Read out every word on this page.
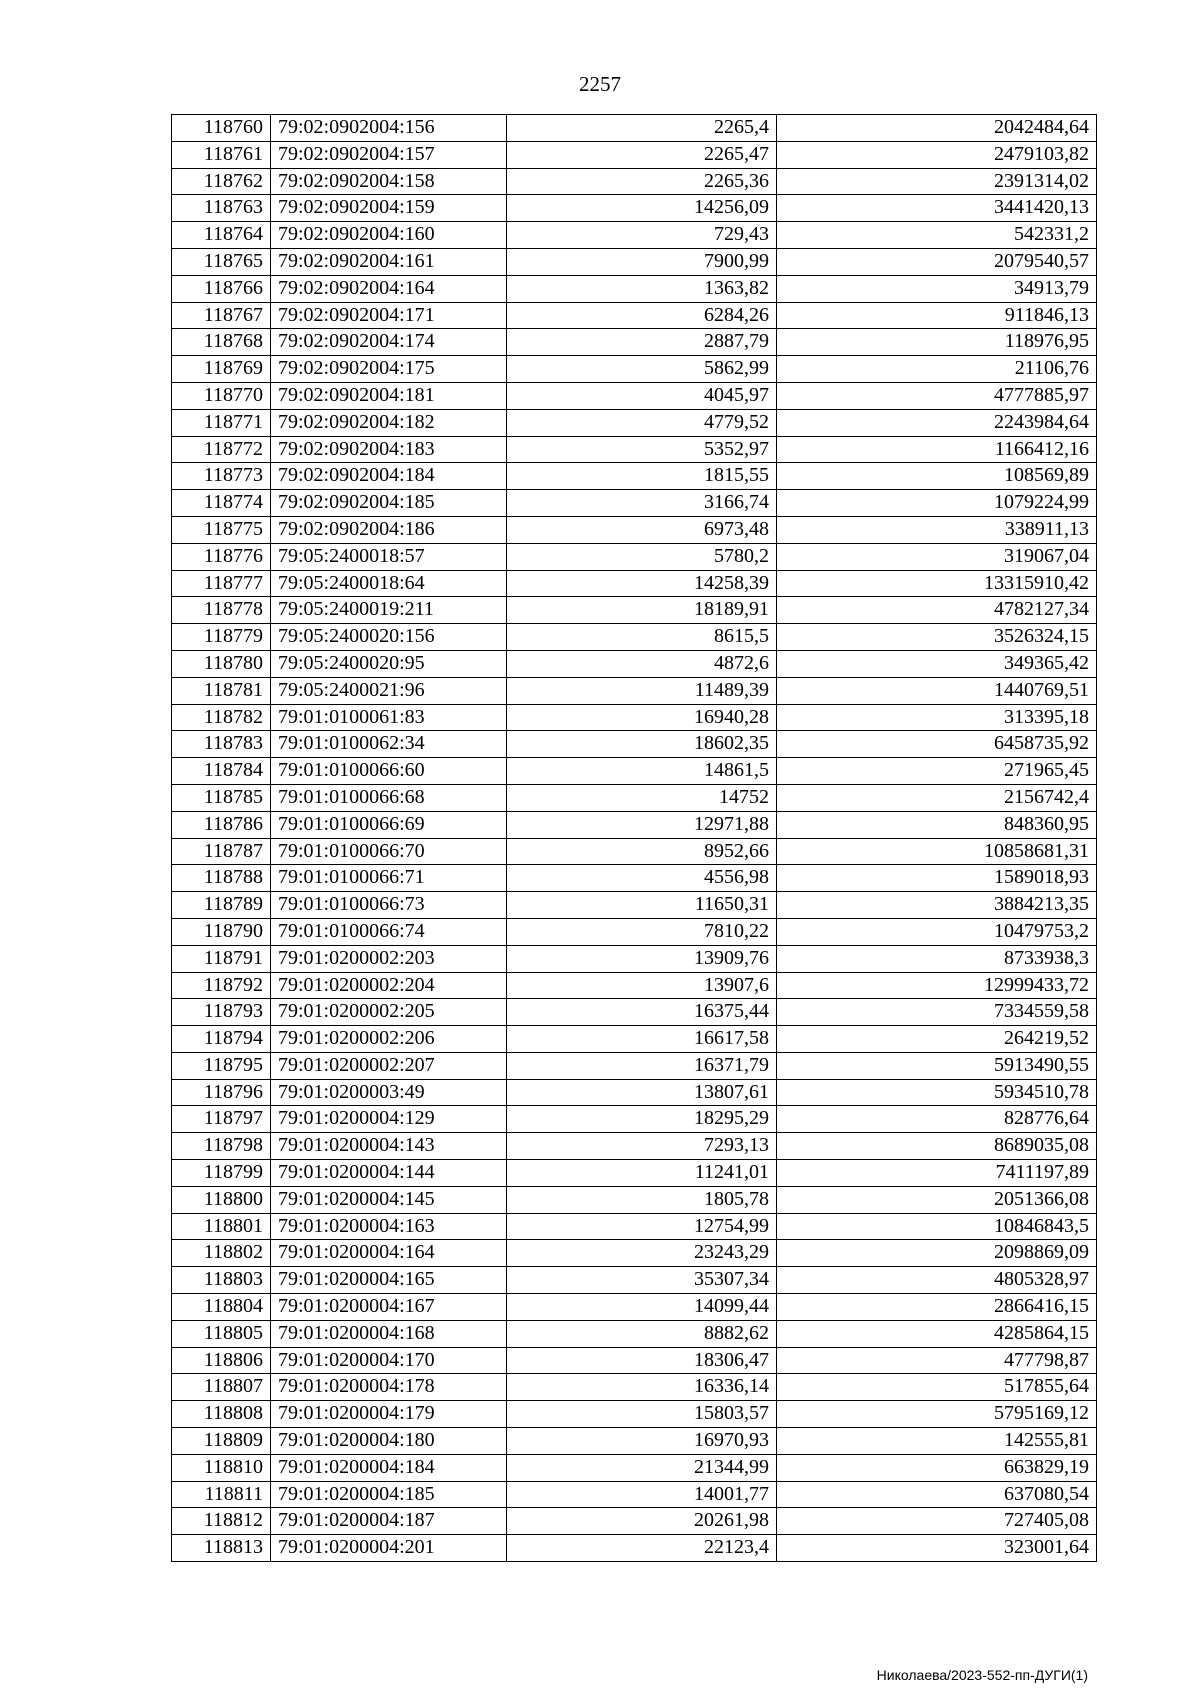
2257
118760	79:02:0902004:156	2265,4	2042484,64
118761	79:02:0902004:157	2265,47	2479103,82
118762	79:02:0902004:158	2265,36	2391314,02
118763	79:02:0902004:159	14256,09	3441420,13
118764	79:02:0902004:160	729,43	542331,2
118765	79:02:0902004:161	7900,99	2079540,57
118766	79:02:0902004:164	1363,82	34913,79
118767	79:02:0902004:171	6284,26	911846,13
118768	79:02:0902004:174	2887,79	118976,95
118769	79:02:0902004:175	5862,99	21106,76
118770	79:02:0902004:181	4045,97	4777885,97
118771	79:02:0902004:182	4779,52	2243984,64
118772	79:02:0902004:183	5352,97	1166412,16
118773	79:02:0902004:184	1815,55	108569,89
118774	79:02:0902004:185	3166,74	1079224,99
118775	79:02:0902004:186	6973,48	338911,13
118776	79:05:2400018:57	5780,2	319067,04
118777	79:05:2400018:64	14258,39	13315910,42
118778	79:05:2400019:211	18189,91	4782127,34
118779	79:05:2400020:156	8615,5	3526324,15
118780	79:05:2400020:95	4872,6	349365,42
118781	79:05:2400021:96	11489,39	1440769,51
118782	79:01:0100061:83	16940,28	313395,18
118783	79:01:0100062:34	18602,35	6458735,92
118784	79:01:0100066:60	14861,5	271965,45
118785	79:01:0100066:68	14752	2156742,4
118786	79:01:0100066:69	12971,88	848360,95
118787	79:01:0100066:70	8952,66	10858681,31
118788	79:01:0100066:71	4556,98	1589018,93
118789	79:01:0100066:73	11650,31	3884213,35
118790	79:01:0100066:74	7810,22	10479753,2
118791	79:01:0200002:203	13909,76	8733938,3
118792	79:01:0200002:204	13907,6	12999433,72
118793	79:01:0200002:205	16375,44	7334559,58
118794	79:01:0200002:206	16617,58	264219,52
118795	79:01:0200002:207	16371,79	5913490,55
118796	79:01:0200003:49	13807,61	5934510,78
118797	79:01:0200004:129	18295,29	828776,64
118798	79:01:0200004:143	7293,13	8689035,08
118799	79:01:0200004:144	11241,01	7411197,89
118800	79:01:0200004:145	1805,78	2051366,08
118801	79:01:0200004:163	12754,99	10846843,5
118802	79:01:0200004:164	23243,29	2098869,09
118803	79:01:0200004:165	35307,34	4805328,97
118804	79:01:0200004:167	14099,44	2866416,15
118805	79:01:0200004:168	8882,62	4285864,15
118806	79:01:0200004:170	18306,47	477798,87
118807	79:01:0200004:178	16336,14	517855,64
118808	79:01:0200004:179	15803,57	5795169,12
118809	79:01:0200004:180	16970,93	142555,81
118810	79:01:0200004:184	21344,99	663829,19
118811	79:01:0200004:185	14001,77	637080,54
118812	79:01:0200004:187	20261,98	727405,08
118813	79:01:0200004:201	22123,4	323001,64
Николаева/2023-552-пп-ДУГИ(1)
